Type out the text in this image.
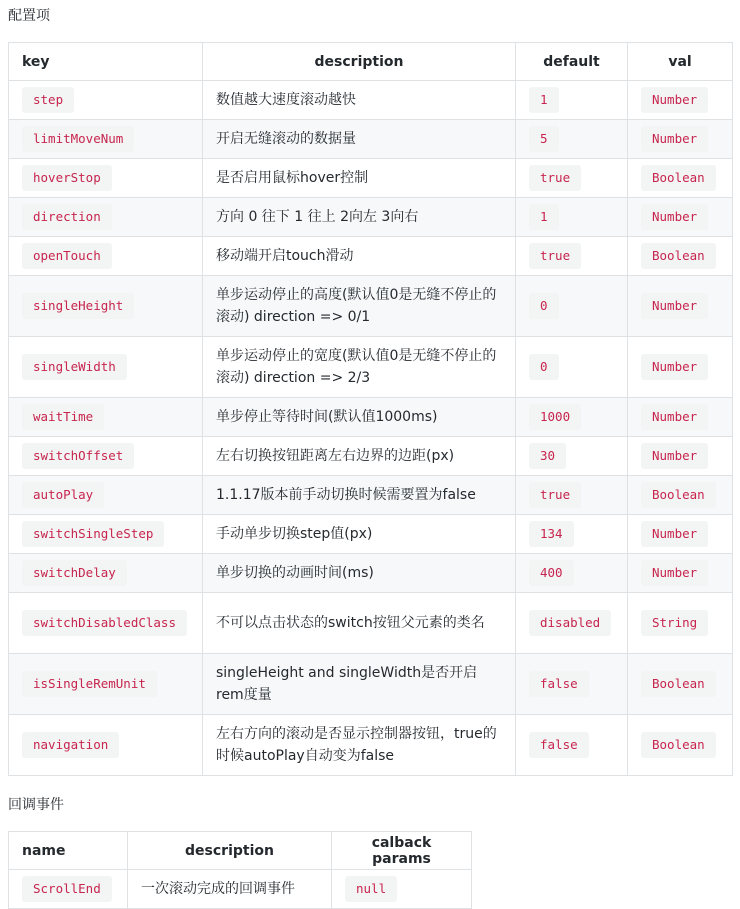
配置项
key	description	default	val
step	数值越大速度滚动越快	1	Number
limitMoveNum	开启无缝滚动的数据量	5	Number
hoverStop	是否启用鼠标hover控制	true	Boolean
direction	方向 0 往下 1 往上 2向左 3向右	1	Number
openTouch	移动端开启touch滑动	true	Boolean
singleHeight	单步运动停止的高度(默认值0是无缝不停止的滚动) direction => 0/1	0	Number
singleWidth	单步运动停止的宽度(默认值0是无缝不停止的滚动) direction => 2/3	0	Number
waitTime	单步停止等待时间(默认值1000ms)	1000	Number
switchOffset	左右切换按钮距离左右边界的边距(px)	30	Number
autoPlay	1.1.17版本前手动切换时候需要置为false	true	Boolean
switchSingleStep	手动单步切换step值(px)	134	Number
switchDelay	单步切换的动画时间(ms)	400	Number
switchDisabledClass	不可以点击状态的switch按钮父元素的类名	disabled	String
isSingleRemUnit	singleHeight and singleWidth是否开启rem度量	false	Boolean
navigation	左右方向的滚动是否显示控制器按钮，true的时候autoPlay自动变为false	false	Boolean
回调事件
name	description	calback params
ScrollEnd	一次滚动完成的回调事件	null
